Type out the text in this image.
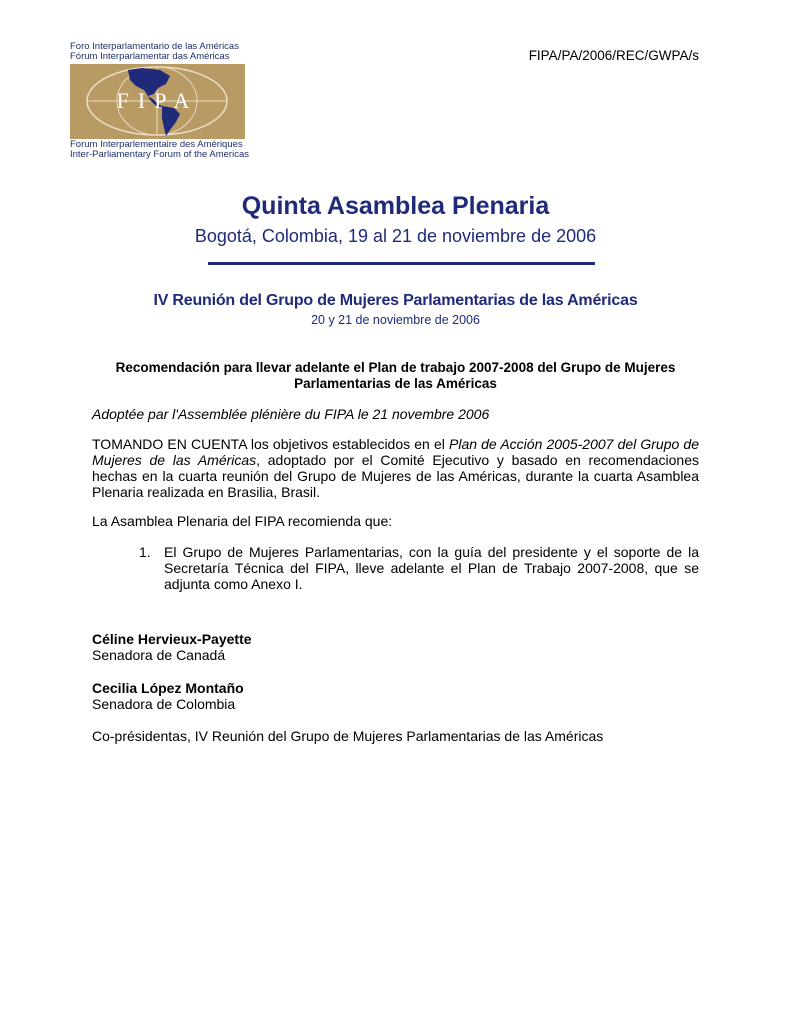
Foro Interparlamentario de las Américas
Fórum Interparlamentar das Américas
FIPA
Forum Interparlementaire des Amériques
Inter-Parliamentary Forum of the Americas
FIPA/PA/2006/REC/GWPA/s
Quinta Asamblea Plenaria
Bogotá, Colombia, 19 al 21 de noviembre de 2006
IV Reunión del Grupo de Mujeres Parlamentarias de las Américas
20 y 21 de noviembre de 2006
Recomendación para llevar adelante el Plan de trabajo 2007-2008 del Grupo de Mujeres
Parlamentarias de las Américas
Adoptée par l'Assemblée plénière du FIPA le 21 novembre 2006
TOMANDO EN CUENTA los objetivos establecidos en el Plan de Acción 2005-2007 del Grupo de Mujeres de las Américas, adoptado por el Comité Ejecutivo y basado en recomendaciones hechas en la cuarta reunión del Grupo de Mujeres de las Américas, durante la cuarta Asamblea Plenaria realizada en Brasilia, Brasil.
La Asamblea Plenaria del FIPA recomienda que:
1. El Grupo de Mujeres Parlamentarias, con la guía del presidente y el soporte de la Secretaría Técnica del FIPA, lleve adelante el Plan de Trabajo 2007-2008, que se adjunta como Anexo I.
Céline Hervieux-Payette
Senadora de Canadá
Cecilia López Montaño
Senadora de Colombia
Co-présidentas, IV Reunión del Grupo de Mujeres Parlamentarias de las Américas
